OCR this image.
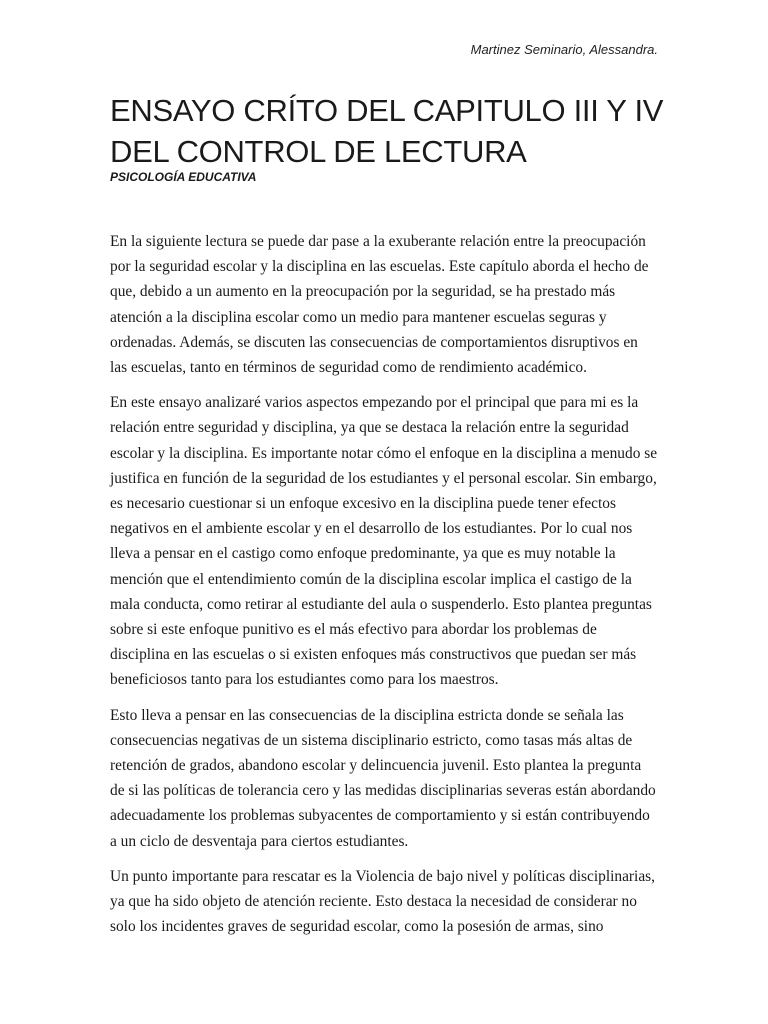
Martinez Seminario, Alessandra.
ENSAYO CRÍTO DEL CAPITULO III Y IV DEL CONTROL DE LECTURA
PSICOLOGÍA EDUCATIVA

En la siguiente lectura se puede dar pase a la exuberante relación entre la preocupación por la seguridad escolar y la disciplina en las escuelas. Este capítulo aborda el hecho de que, debido a un aumento en la preocupación por la seguridad, se ha prestado más atención a la disciplina escolar como un medio para mantener escuelas seguras y ordenadas. Además, se discuten las consecuencias de comportamientos disruptivos en las escuelas, tanto en términos de seguridad como de rendimiento académico.

En este ensayo analizaré varios aspectos empezando por el principal que para mi es la relación entre seguridad y disciplina, ya que se destaca la relación entre la seguridad escolar y la disciplina. Es importante notar cómo el enfoque en la disciplina a menudo se justifica en función de la seguridad de los estudiantes y el personal escolar. Sin embargo, es necesario cuestionar si un enfoque excesivo en la disciplina puede tener efectos negativos en el ambiente escolar y en el desarrollo de los estudiantes. Por lo cual nos lleva a pensar en el castigo como enfoque predominante, ya que es muy notable la mención que el entendimiento común de la disciplina escolar implica el castigo de la mala conducta, como retirar al estudiante del aula o suspenderlo. Esto plantea preguntas sobre si este enfoque punitivo es el más efectivo para abordar los problemas de disciplina en las escuelas o si existen enfoques más constructivos que puedan ser más beneficiosos tanto para los estudiantes como para los maestros.

Esto lleva a pensar en las consecuencias de la disciplina estricta donde se señala las consecuencias negativas de un sistema disciplinario estricto, como tasas más altas de retención de grados, abandono escolar y delincuencia juvenil. Esto plantea la pregunta de si las políticas de tolerancia cero y las medidas disciplinarias severas están abordando adecuadamente los problemas subyacentes de comportamiento y si están contribuyendo a un ciclo de desventaja para ciertos estudiantes.

Un punto importante para rescatar es la Violencia de bajo nivel y políticas disciplinarias, ya que ha sido objeto de atención reciente. Esto destaca la necesidad de considerar no solo los incidentes graves de seguridad escolar, como la posesión de armas, sino
